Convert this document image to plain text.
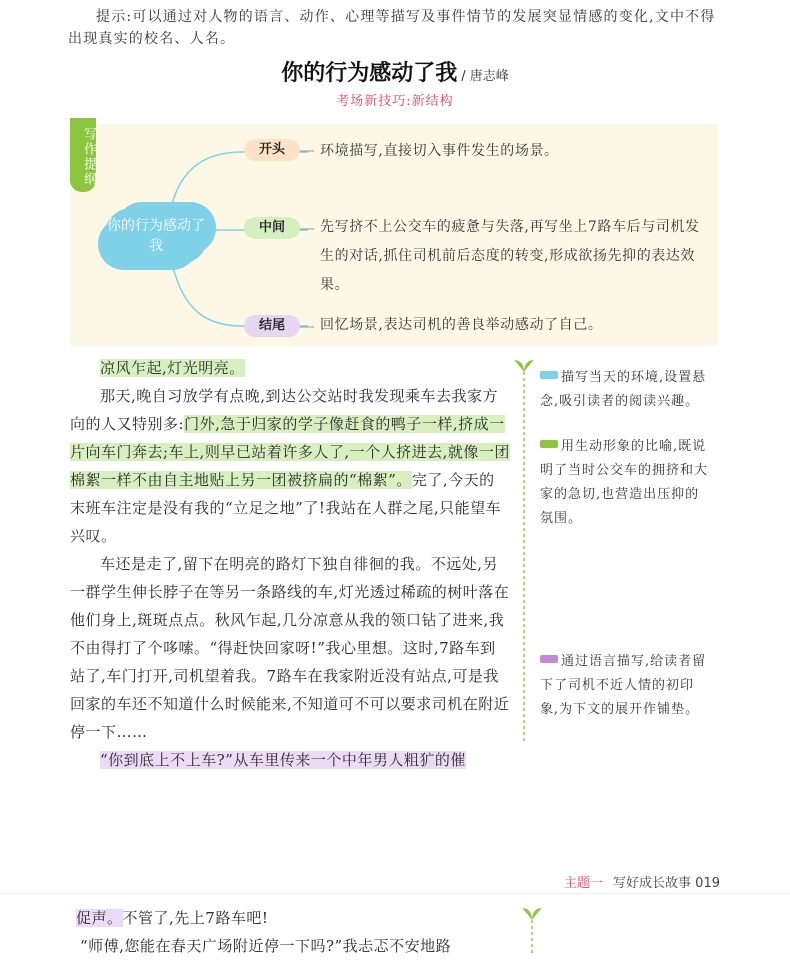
提示:可以通过对人物的语言、动作、心理等描写及事件情节的发展突显情感的变化,文中不得出现真实的校名、人名。
你的行为感动了我 / 唐志峰
考场新技巧:新结构
写作提纲
你的行为感动了我
开头	环境描写,直接切入事件发生的场景。
中间	先写挤不上公交车的疲惫与失落,再写坐上7路车后与司机发生的对话,抓住司机前后态度的转变,形成欲扬先抑的表达效果。
结尾	回忆场景,表达司机的善良举动感动了自己。
凉风乍起,灯光明亮。
那天,晚自习放学有点晚,到达公交站时我发现乘车去我家方向的人又特别多:门外,急于归家的学子像赶食的鸭子一样,挤成一片向车门奔去;车上,则早已站着许多人了,一个人挤进去,就像一团棉絮一样不由自主地贴上另一团被挤扁的“棉絮”。完了,今天的末班车注定是没有我的“立足之地”了!我站在人群之尾,只能望车兴叹。
车还是走了,留下在明亮的路灯下独自徘徊的我。不远处,另一群学生伸长脖子在等另一条路线的车,灯光透过稀疏的树叶落在他们身上,斑斑点点。秋风乍起,几分凉意从我的领口钻了进来,我不由得打了个哆嗦。“得赶快回家呀!”我心里想。这时,7路车到站了,车门打开,司机望着我。7路车在我家附近没有站点,可是我回家的车还不知道什么时候能来,不知道可不可以要求司机在附近停一下……
“你到底上不上车?”从车里传来一个中年男人粗犷的催
描写当天的环境,设置悬念,吸引读者的阅读兴趣。
用生动形象的比喻,既说明了当时公交车的拥挤和大家的急切,也营造出压抑的氛围。
通过语言描写,给读者留下了司机不近人情的初印象,为下文的展开作铺垫。
主题一 写好成长故事 019
促声。不管了,先上7路车吧!
“师傅,您能在春天广场附近停一下吗?”我忐忑不安地路
